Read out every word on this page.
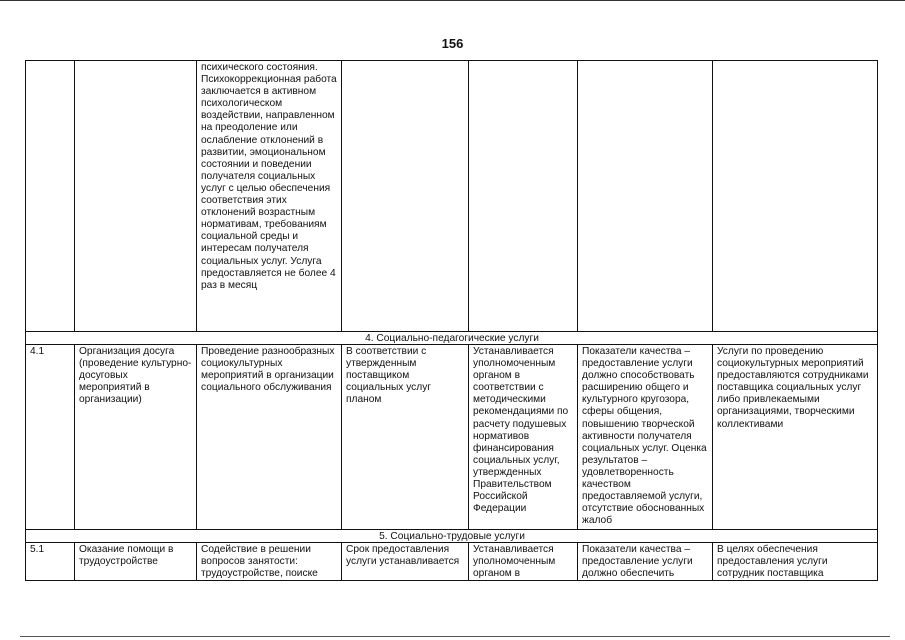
156
		психического состояния. Психокоррекционная работа заключается в активном психологическом воздействии, направленном на преодоление или ослабление отклонений в развитии, эмоциональном состоянии и поведении получателя социальных услуг с целью обеспечения соответствия этих отклонений возрастным нормативам, требованиям социальной среды и интересам получателя социальных услуг. Услуга предоставляется не более 4 раз в месяц				
4. Социально-педагогические услуги						
4.1	Организация досуга (проведение культурно-досуговых мероприятий в организации)	Проведение разнообразных социокультурных мероприятий в организации социального обслуживания	В соответствии с утвержденным поставщиком социальных услуг планом	Устанавливается уполномоченным органом в соответствии с методическими рекомендациями по расчету подушевых нормативов финансирования социальных услуг, утвержденных Правительством Российской Федерации	Показатели качества – предоставление услуги должно способствовать расширению общего и культурного кругозора, сферы общения, повышению творческой активности получателя социальных услуг. Оценка результатов – удовлетворенность качеством предоставляемой услуги, отсутствие обоснованных жалоб	Услуги по проведению социокультурных мероприятий предоставляются сотрудниками поставщика социальных услуг либо привлекаемыми организациями, творческими коллективами
5. Социально-трудовые услуги						
5.1	Оказание помощи в трудоустройстве	Содействие в решении вопросов занятости: трудоустройстве, поиске	Срок предоставления услуги устанавливается	Устанавливается уполномоченным органом в	Показатели качества – предоставление услуги должно обеспечить	В целях обеспечения предоставления услуги сотрудник поставщика
